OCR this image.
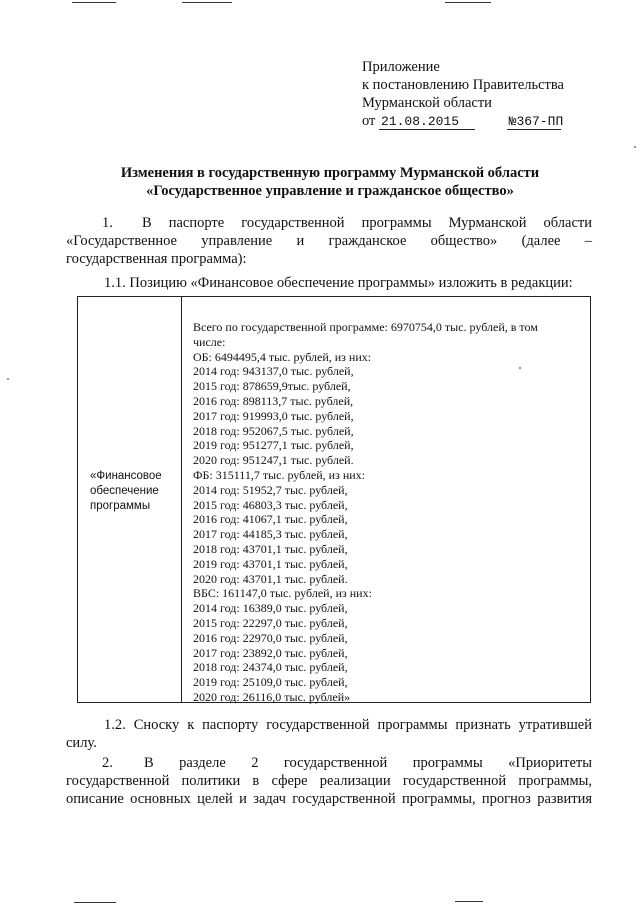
Приложение
к постановлению Правительства
Мурманской области
от 21.08.2015	№367-ПП
Изменения в государственную программу Мурманской области
«Государственное управление и гражданское общество»
1. В паспорте государственной программы Мурманской области
«Государственное управление и гражданское общество» (далее –
государственная программа):
1.1. Позицию «Финансовое обеспечение программы» изложить в редакции:
«Финансовое
обеспечение
программы
Всего по государственной программе: 6970754,0 тыс. рублей, в том числе:
ОБ: 6494495,4 тыс. рублей, из них:
2014 год: 943137,0 тыс. рублей,
2015 год: 878659,9тыс. рублей,
2016 год: 898113,7 тыс. рублей,
2017 год: 919993,0 тыс. рублей,
2018 год: 952067,5 тыс. рублей,
2019 год: 951277,1 тыс. рублей,
2020 год: 951247,1 тыс. рублей.
ФБ: 315111,7 тыс. рублей, из них:
2014 год: 51952,7 тыс. рублей,
2015 год: 46803,3 тыс. рублей,
2016 год: 41067,1 тыс. рублей,
2017 год: 44185,3 тыс. рублей,
2018 год: 43701,1 тыс. рублей,
2019 год: 43701,1 тыс. рублей,
2020 год: 43701,1 тыс. рублей.
ВБС: 161147,0 тыс. рублей, из них:
2014 год: 16389,0 тыс. рублей,
2015 год: 22297,0 тыс. рублей,
2016 год: 22970,0 тыс. рублей,
2017 год: 23892,0 тыс. рублей,
2018 год: 24374,0 тыс. рублей,
2019 год: 25109,0 тыс. рублей,
2020 год: 26116,0 тыс. рублей»
1.2. Сноску к паспорту государственной программы признать утратившей
силу.
2. В разделе 2 государственной программы «Приоритеты
государственной политики в сфере реализации государственной программы,
описание основных целей и задач государственной программы, прогноз развития
